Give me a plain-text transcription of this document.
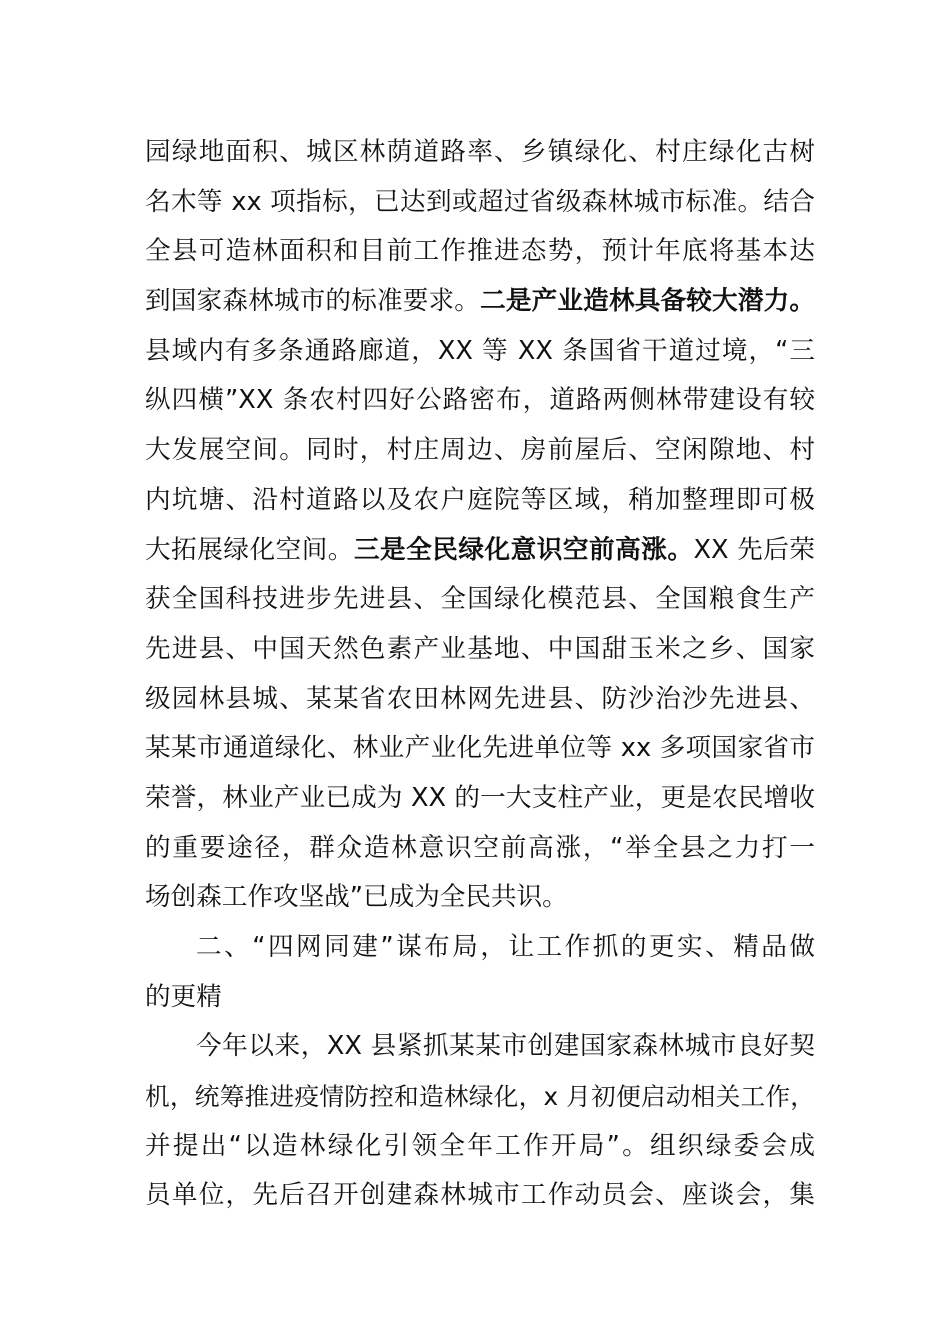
园绿地面积、城区林荫道路率、乡镇绿化、村庄绿化古树
名木等 xx 项指标，已达到或超过省级森林城市标准。结合
全县可造林面积和目前工作推进态势，预计年底将基本达
到国家森林城市的标准要求。二是产业造林具备较大潜力。
县域内有多条通路廊道，XX 等 XX 条国省干道过境，“三
纵四横”XX 条农村四好公路密布，道路两侧林带建设有较
大发展空间。同时，村庄周边、房前屋后、空闲隙地、村
内坑塘、沿村道路以及农户庭院等区域，稍加整理即可极
大拓展绿化空间。三是全民绿化意识空前高涨。XX 先后荣
获全国科技进步先进县、全国绿化模范县、全国粮食生产
先进县、中国天然色素产业基地、中国甜玉米之乡、国家
级园林县城、某某省农田林网先进县、防沙治沙先进县、
某某市通道绿化、林业产业化先进单位等 xx 多项国家省市
荣誉，林业产业已成为 XX 的一大支柱产业，更是农民增收
的重要途径，群众造林意识空前高涨，“举全县之力打一
场创森工作攻坚战”已成为全民共识。
二、“四网同建”谋布局，让工作抓的更实、精品做
的更精
今年以来，XX 县紧抓某某市创建国家森林城市良好契
机，统筹推进疫情防控和造林绿化，x 月初便启动相关工作，
并提出“以造林绿化引领全年工作开局”。组织绿委会成
员单位，先后召开创建森林城市工作动员会、座谈会，集
